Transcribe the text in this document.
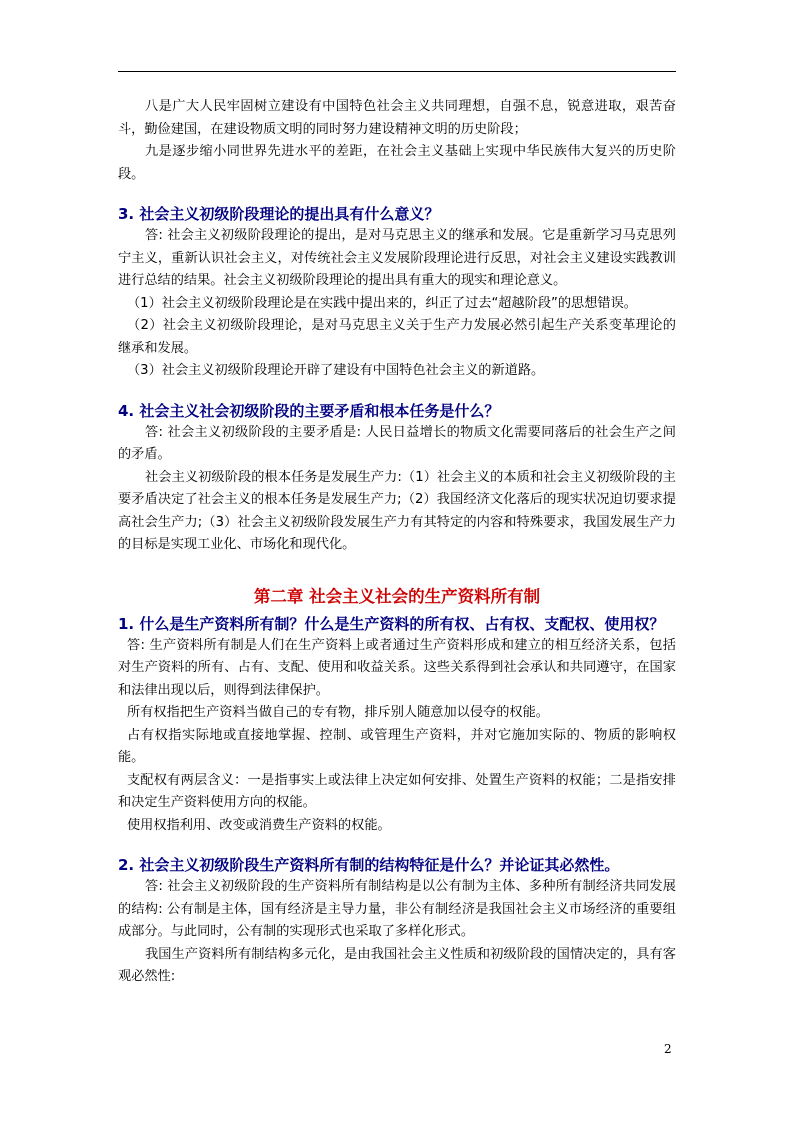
八是广大人民牢固树立建设有中国特色社会主义共同理想，自强不息，锐意进取，艰苦奋斗，勤俭建国，在建设物质文明的同时努力建设精神文明的历史阶段；

九是逐步缩小同世界先进水平的差距，在社会主义基础上实现中华民族伟大复兴的历史阶段。

3. 社会主义初级阶段理论的提出具有什么意义？

答: 社会主义初级阶段理论的提出，是对马克思主义的继承和发展。它是重新学习马克思列宁主义，重新认识社会主义，对传统社会主义发展阶段理论进行反思，对社会主义建设实践教训进行总结的结果。社会主义初级阶段理论的提出具有重大的现实和理论意义。

（1）社会主义初级阶段理论是在实践中提出来的，纠正了过去“超越阶段”的思想错误。

（2）社会主义初级阶段理论，是对马克思主义关于生产力发展必然引起生产关系变革理论的继承和发展。

（3）社会主义初级阶段理论开辟了建设有中国特色社会主义的新道路。

4. 社会主义社会初级阶段的主要矛盾和根本任务是什么？

答: 社会主义初级阶段的主要矛盾是: 人民日益增长的物质文化需要同落后的社会生产之间的矛盾。

社会主义初级阶段的根本任务是发展生产力:（1）社会主义的本质和社会主义初级阶段的主要矛盾决定了社会主义的根本任务是发展生产力;（2）我国经济文化落后的现实状况迫切要求提高社会生产力;（3）社会主义初级阶段发展生产力有其特定的内容和特殊要求，我国发展生产力的目标是实现工业化、市场化和现代化。

第二章 社会主义社会的生产资料所有制
1. 什么是生产资料所有制？什么是生产资料的所有权、占有权、支配权、使用权？

答: 生产资料所有制是人们在生产资料上或者通过生产资料形成和建立的相互经济关系，包括对生产资料的所有、占有、支配、使用和收益关系。这些关系得到社会承认和共同遵守，在国家和法律出现以后，则得到法律保护。

所有权指把生产资料当做自己的专有物，排斥别人随意加以侵夺的权能。

占有权指实际地或直接地掌握、控制、或管理生产资料，并对它施加实际的、物质的影响权能。

支配权有两层含义：一是指事实上或法律上决定如何安排、处置生产资料的权能；二是指安排和决定生产资料使用方向的权能。

使用权指利用、改变或消费生产资料的权能。

2. 社会主义初级阶段生产资料所有制的结构特征是什么？并论证其必然性。

答: 社会主义初级阶段的生产资料所有制结构是以公有制为主体、多种所有制经济共同发展的结构: 公有制是主体，国有经济是主导力量，非公有制经济是我国社会主义市场经济的重要组成部分。与此同时，公有制的实现形式也采取了多样化形式。

我国生产资料所有制结构多元化，是由我国社会主义性质和初级阶段的国情决定的，具有客观必然性:

2
